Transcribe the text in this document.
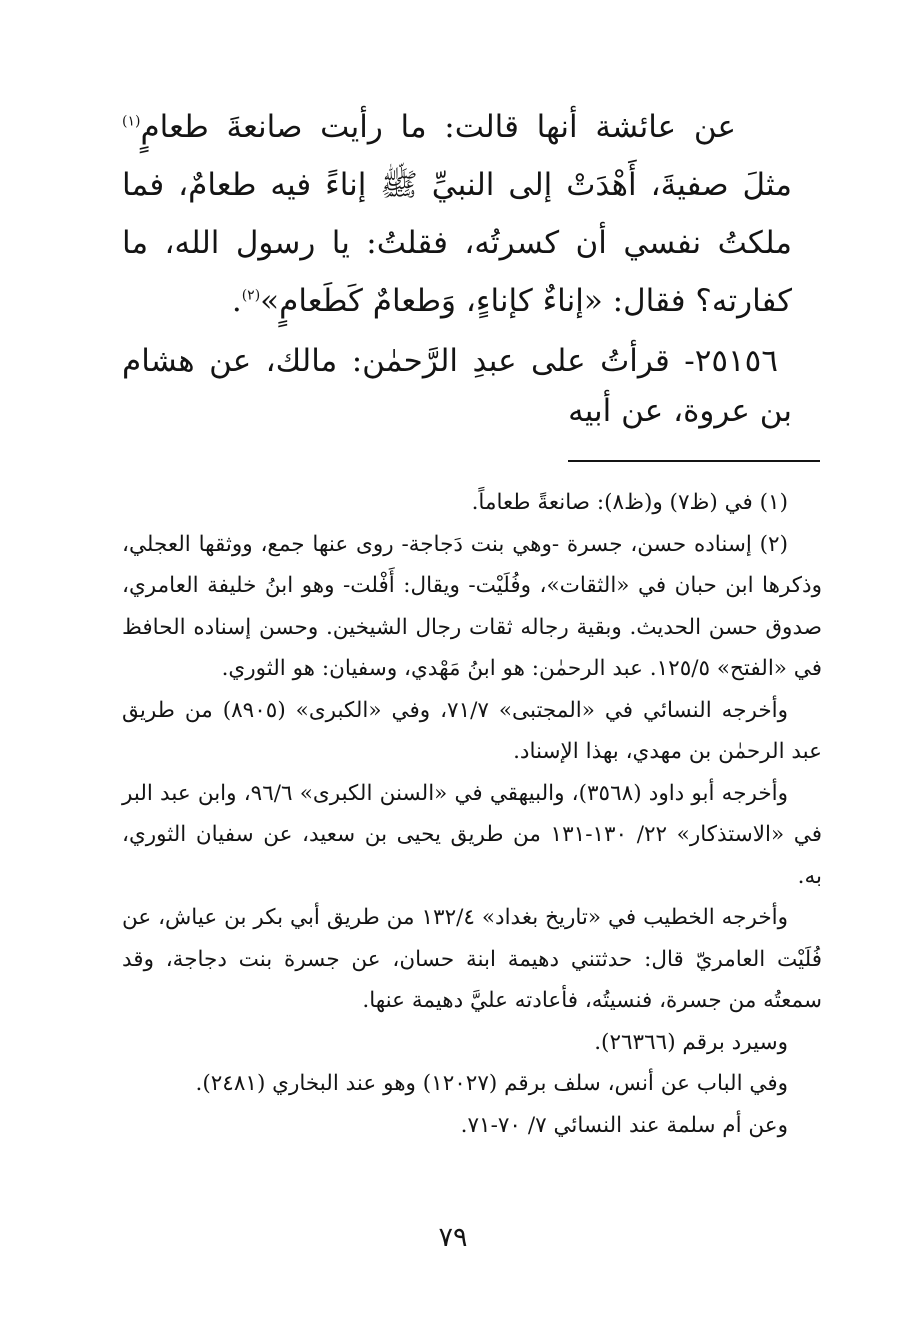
عن عائشة أنها قالت: ما رأيت صانعةَ طعامٍ$^{(١)}$ مثلَ صفيةَ، أَهْدَتْ إلى النبيِّ ﷺ إناءً فيه طعامٌ، فما ملكتُ نفسي أن كسرتُه، فقلتُ: يا رسول الله، ما كفارته؟ فقال: «إناءٌ كإناءٍ، وَطعامٌ كَطَعامٍ»$^{(٢)}$.

٢٥١٥٦- قرأتُ على عبدِ الرَّحمٰن: مالك، عن هشام بن عروة، عن أبيه

(١) في (ظ٧) و(ظ٨): صانعةً طعاماً.

(٢) إسناده حسن، جسرة -وهي بنت دَجاجة- روى عنها جمع، ووثقها العجلي، وذكرها ابن حبان في «الثقات»، وفُلَيْت- ويقال: أَفْلت- وهو ابنُ خليفة العامري، صدوق حسن الحديث. وبقية رجاله ثقات رجال الشيخين. وحسن إسناده الحافظ في «الفتح» ١٢٥/٥. عبد الرحمٰن: هو ابنُ مَهْدي، وسفيان: هو الثوري.

وأخرجه النسائي في «المجتبى» ٧١/٧، وفي «الكبرى» (٨٩٠٥) من طريق عبد الرحمٰن بن مهدي، بهذا الإسناد.

وأخرجه أبو داود (٣٥٦٨)، والبيهقي في «السنن الكبرى» ٩٦/٦، وابن عبد البر في «الاستذكار» ٢٢/ ١٣٠-١٣١ من طريق يحيى بن سعيد، عن سفيان الثوري، به.

وأخرجه الخطيب في «تاريخ بغداد» ١٣٢/٤ من طريق أبي بكر بن عياش، عن فُلَيْت العامريّ قال: حدثتني دهيمة ابنة حسان، عن جسرة بنت دجاجة، وقد سمعتُه من جسرة، فنسيتُه، فأعادته عليَّ دهيمة عنها.

وسيرد برقم (٢٦٣٦٦).

وفي الباب عن أنس، سلف برقم (١٢٠٢٧) وهو عند البخاري (٢٤٨١).

وعن أم سلمة عند النسائي ٧/ ٧٠-٧١.

٧٩
